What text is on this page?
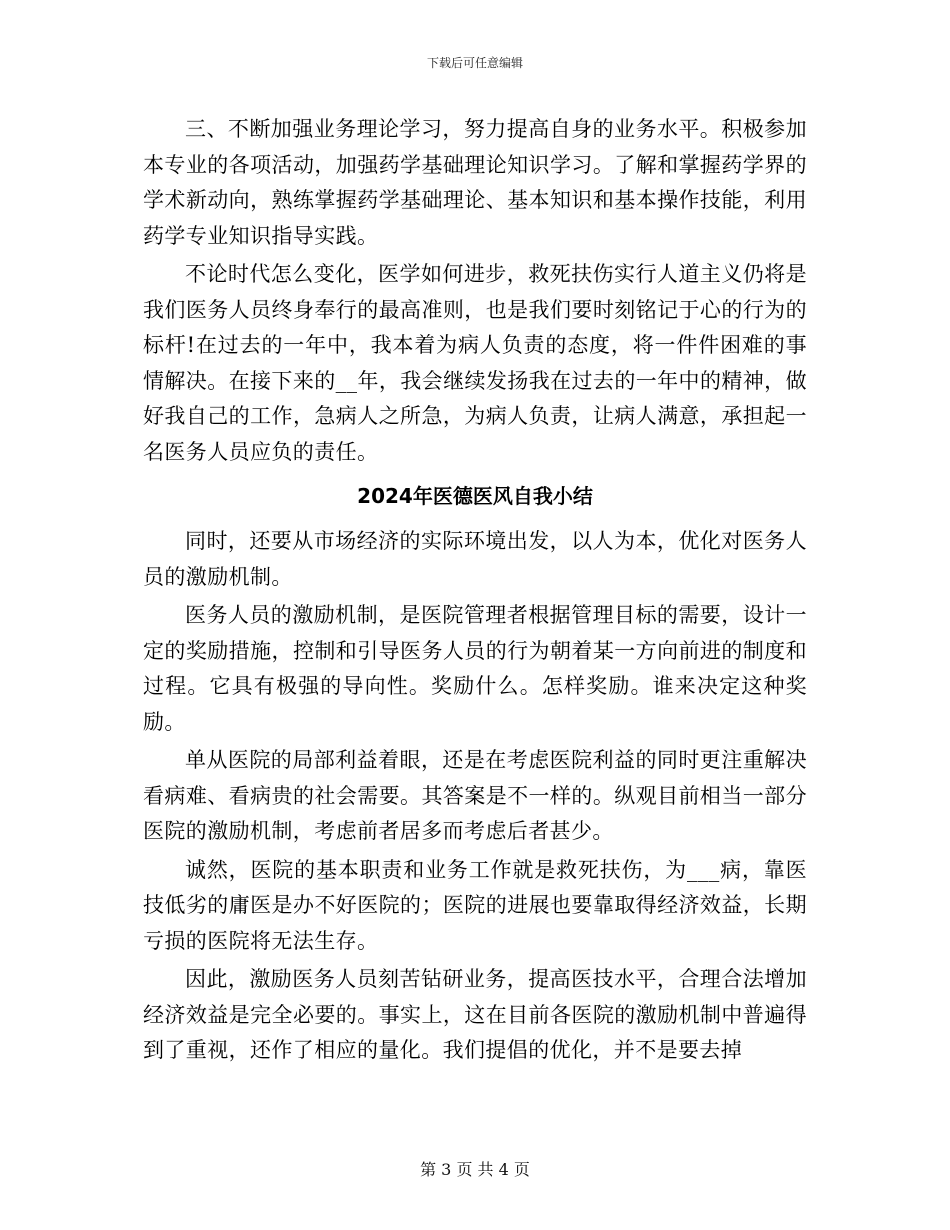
下载后可任意编辑

三、不断加强业务理论学习，努力提高自身的业务水平。积极参加本专业的各项活动，加强药学基础理论知识学习。了解和掌握药学界的学术新动向，熟练掌握药学基础理论、基本知识和基本操作技能，利用药学专业知识指导实践。

不论时代怎么变化，医学如何进步，救死扶伤实行人道主义仍将是我们医务人员终身奉行的最高准则，也是我们要时刻铭记于心的行为的标杆!在过去的一年中，我本着为病人负责的态度，将一件件困难的事情解决。在接下来的__年，我会继续发扬我在过去的一年中的精神，做好我自己的工作，急病人之所急，为病人负责，让病人满意，承担起一名医务人员应负的责任。

2024年医德医风自我小结

同时，还要从市场经济的实际环境出发，以人为本，优化对医务人员的激励机制。

医务人员的激励机制，是医院管理者根据管理目标的需要，设计一定的奖励措施，控制和引导医务人员的行为朝着某一方向前进的制度和过程。它具有极强的导向性。奖励什么。怎样奖励。谁来决定这种奖励。

单从医院的局部利益着眼，还是在考虑医院利益的同时更注重解决看病难、看病贵的社会需要。其答案是不一样的。纵观目前相当一部分医院的激励机制，考虑前者居多而考虑后者甚少。

诚然，医院的基本职责和业务工作就是救死扶伤，为___病，靠医技低劣的庸医是办不好医院的；医院的进展也要靠取得经济效益，长期亏损的医院将无法生存。

因此，激励医务人员刻苦钻研业务，提高医技水平，合理合法增加经济效益是完全必要的。事实上，这在目前各医院的激励机制中普遍得到了重视，还作了相应的量化。我们提倡的优化，并不是要去掉

第 3 页 共 4 页
